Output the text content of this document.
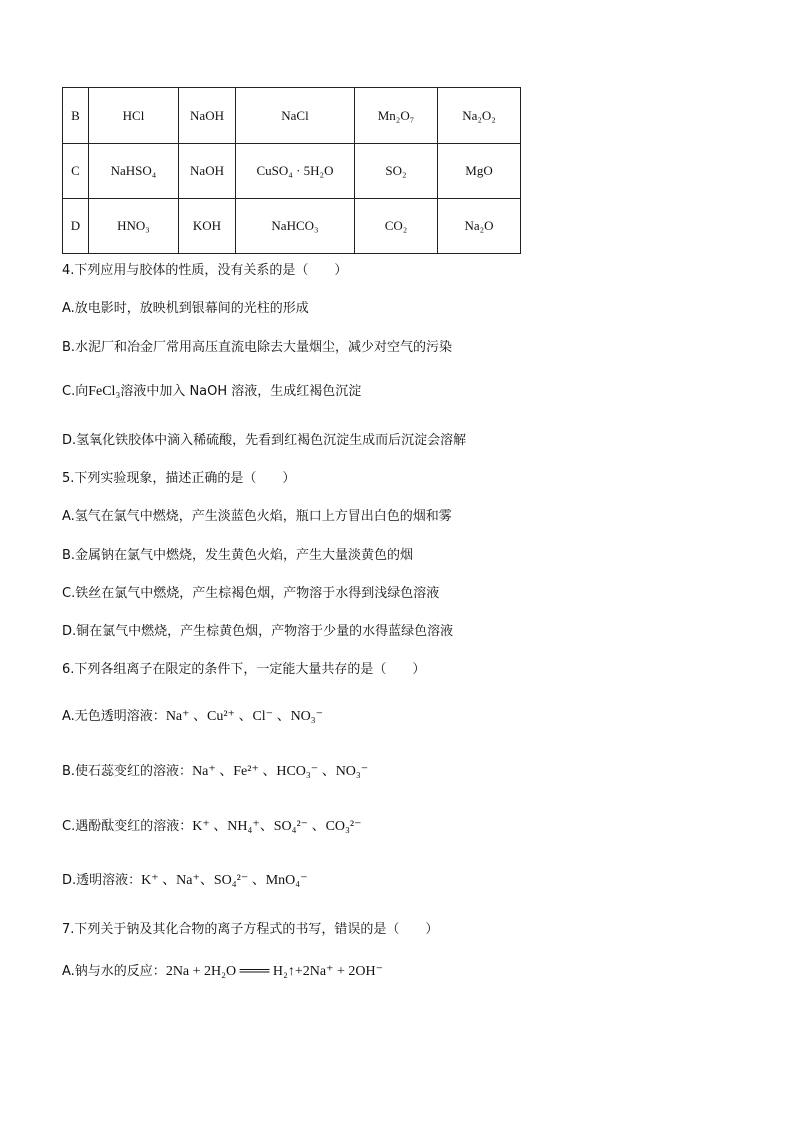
B	HCl	NaOH	NaCl	Mn₂O₇	Na₂O₂
C	NaHSO₄	NaOH	CuSO₄ · 5H₂O	SO₂	MgO
D	HNO₃	KOH	NaHCO₃	CO₂	Na₂O
4.下列应用与胶体的性质，没有关系的是（　　）
A.放电影时，放映机到银幕间的光柱的形成
B.水泥厂和冶金厂常用高压直流电除去大量烟尘，减少对空气的污染
C.向FeCl₃溶液中加入 NaOH 溶液，生成红褐色沉淀
D.氢氧化铁胶体中滴入稀硫酸，先看到红褐色沉淀生成而后沉淀会溶解
5.下列实验现象，描述正确的是（　　）
A.氢气在氯气中燃烧，产生淡蓝色火焰，瓶口上方冒出白色的烟和雾
B.金属钠在氯气中燃烧，发生黄色火焰，产生大量淡黄色的烟
C.铁丝在氯气中燃烧，产生棕褐色烟，产物溶于水得到浅绿色溶液
D.铜在氯气中燃烧，产生棕黄色烟，产物溶于少量的水得蓝绿色溶液
6.下列各组离子在限定的条件下，一定能大量共存的是（　　）
A.无色透明溶液：Na⁺ 、Cu²⁺ 、Cl⁻ 、NO₃⁻
B.使石蕊变红的溶液：Na⁺ 、Fe²⁺ 、HCO₃⁻ 、NO₃⁻
C.遇酚酞变红的溶液：K⁺ 、NH₄⁺、SO₄²⁻ 、CO₃²⁻
D.透明溶液：K⁺ 、Na⁺、SO₄²⁻ 、MnO₄⁻
7.下列关于钠及其化合物的离子方程式的书写，错误的是（　　）
A.钠与水的反应：2Na + 2H₂O ═══ H₂↑+2Na⁺ + 2OH⁻
